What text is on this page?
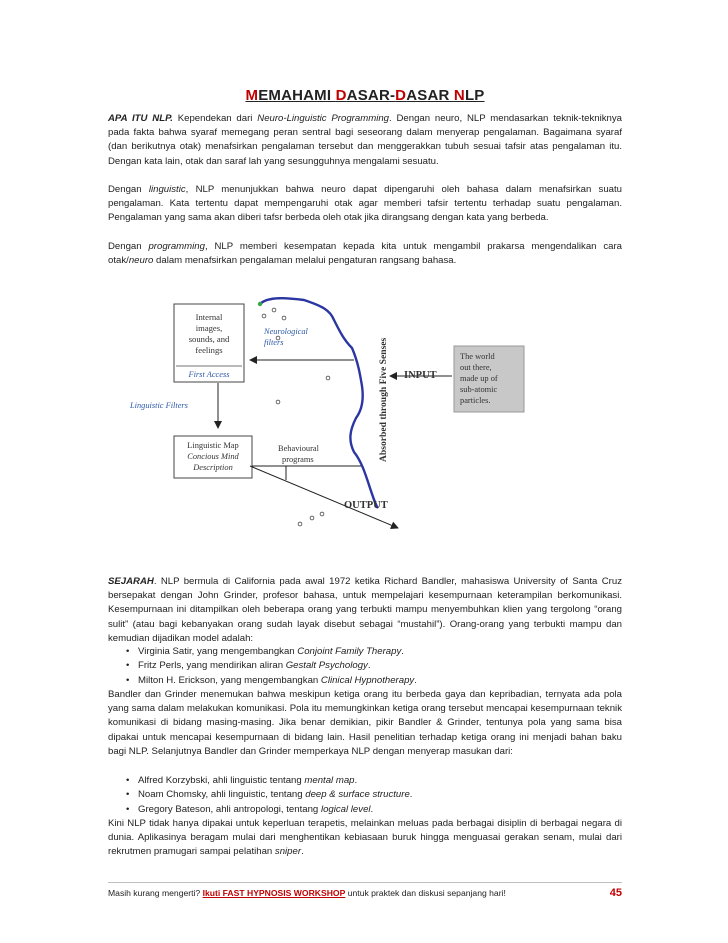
MEMAHAMI DASAR-DASAR NLP

APA ITU NLP. Kependekan dari Neuro-Linguistic Programming. Dengan neuro, NLP mendasarkan teknik-tekniknya pada fakta bahwa syaraf memegang peran sentral bagi seseorang dalam menyerap pengalaman. Bagaimana syaraf (dan berikutnya otak) menafsirkan pengalaman tersebut dan menggerakkan tubuh sesuai tafsir atas pengalaman itu. Dengan kata lain, otak dan saraf lah yang sesungguhnya mengalami sesuatu.

Dengan linguistic, NLP menunjukkan bahwa neuro dapat dipengaruhi oleh bahasa dalam menafsirkan suatu pengalaman. Kata tertentu dapat mempengaruhi otak agar memberi tafsir tertentu terhadap suatu pengalaman. Pengalaman yang sama akan diberi tafsr berbeda oleh otak jika dirangsang dengan kata yang berbeda.

Dengan programming, NLP memberi kesempatan kepada kita untuk mengambil prakarsa mengendalikan cara otak/neuro dalam menafsirkan pengalaman melalui pengaturan rangsang bahasa.

Internal
images,
sounds, and
feelings
First Access
Neurological
filters
Linguistic Filters
Linguistic Map
Concious Mind
Description
Behavioural
programs	Absorbed through Five Senses INPUT
The world
out there,
made up of
sub-atomic
particles.
OUTPUT

SEJARAH. NLP bermula di California pada awal 1972 ketika Richard Bandler, mahasiswa University of Santa Cruz bersepakat dengan John Grinder, profesor bahasa, untuk mempelajari kesempurnaan keterampilan berkomunikasi. Kesempurnaan ini ditampilkan oleh beberapa orang yang terbukti mampu menyembuhkan klien yang tergolong “orang sulit” (atau bagi kebanyakan orang sudah layak disebut sebagai “mustahil”). Orang-orang yang terbukti mampu dan kemudian dijadikan model adalah:

• Virginia Satir, yang mengembangkan Conjoint Family Therapy.
• Fritz Perls, yang mendirikan aliran Gestalt Psychology.
• Milton H. Erickson, yang mengembangkan Clinical Hypnotherapy.

Bandler dan Grinder menemukan bahwa meskipun ketiga orang itu berbeda gaya dan kepribadian, ternyata ada pola yang sama dalam melakukan komunikasi. Pola itu memungkinkan ketiga orang tersebut mencapai kesempurnaan teknik komunikasi di bidang masing-masing. Jika benar demikian, pikir Bandler & Grinder, tentunya pola yang sama bisa dipakai untuk mencapai kesempurnaan di bidang lain. Hasil penelitian terhadap ketiga orang ini menjadi bahan baku bagi NLP. Selanjutnya Bandler dan Grinder memperkaya NLP dengan menyerap masukan dari:

• Alfred Korzybski, ahli linguistic tentang mental map.
• Noam Chomsky, ahli linguistic, tentang deep & surface structure.
• Gregory Bateson, ahli antropologi, tentang logical level.

Kini NLP tidak hanya dipakai untuk keperluan terapetis, melainkan meluas pada berbagai disiplin di berbagai negara di dunia. Aplikasinya beragam mulai dari menghentikan kebiasaan buruk hingga menguasai gerakan senam, mulai dari rekrutmen pramugari sampai pelatihan sniper.

Masih kurang mengerti? Ikuti FAST HYPNOSIS WORKSHOP untuk praktek dan diskusi sepanjang hari!	45
